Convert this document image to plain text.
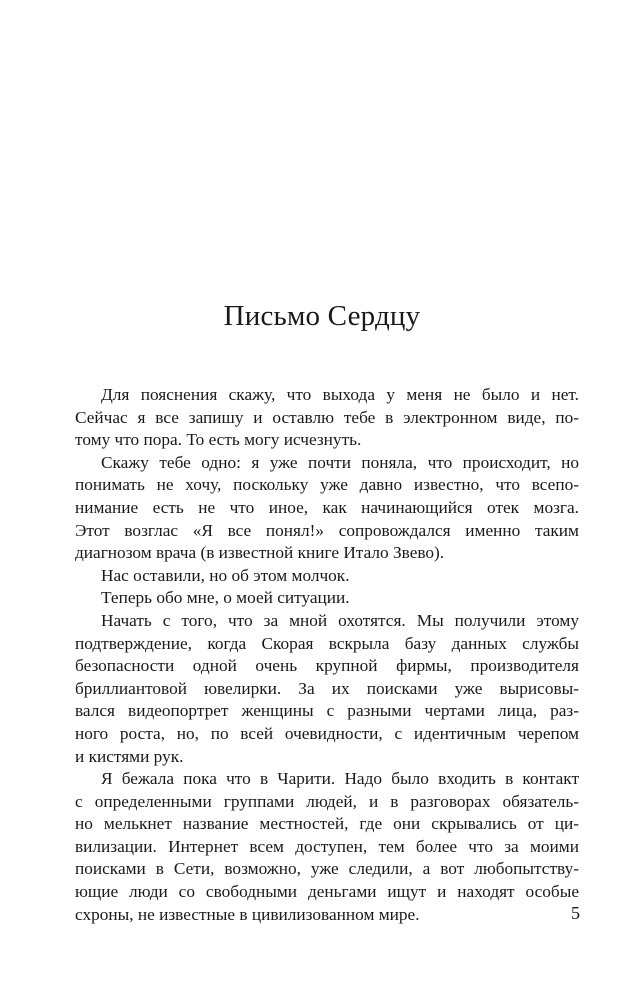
Письмо Сердцу
Для пояснения скажу, что выхода у меня не было и нет.
Сейчас я все запишу и оставлю тебе в электронном виде, по-
тому что пора. То есть могу исчезнуть.
Скажу тебе одно: я уже почти поняла, что происходит, но
понимать не хочу, поскольку уже давно известно, что всепо-
нимание есть не что иное, как начинающийся отек мозга.
Этот возглас «Я все понял!» сопровождался именно таким
диагнозом врача (в известной книге Итало Звево).
Нас оставили, но об этом молчок.
Теперь обо мне, о моей ситуации.
Начать с того, что за мной охотятся. Мы получили этому
подтверждение, когда Скорая вскрыла базу данных службы
безопасности одной очень крупной фирмы, производителя
бриллиантовой ювелирки. За их поисками уже вырисовы-
вался видеопортрет женщины с разными чертами лица, раз-
ного роста, но, по всей очевидности, с идентичным черепом
и кистями рук.
Я бежала пока что в Чарити. Надо было входить в контакт
с определенными группами людей, и в разговорах обязатель-
но мелькнет название местностей, где они скрывались от ци-
вилизации. Интернет всем доступен, тем более что за моими
поисками в Сети, возможно, уже следили, а вот любопытству-
ющие люди со свободными деньгами ищут и находят особые
схроны, не известные в цивилизованном мире.	5
